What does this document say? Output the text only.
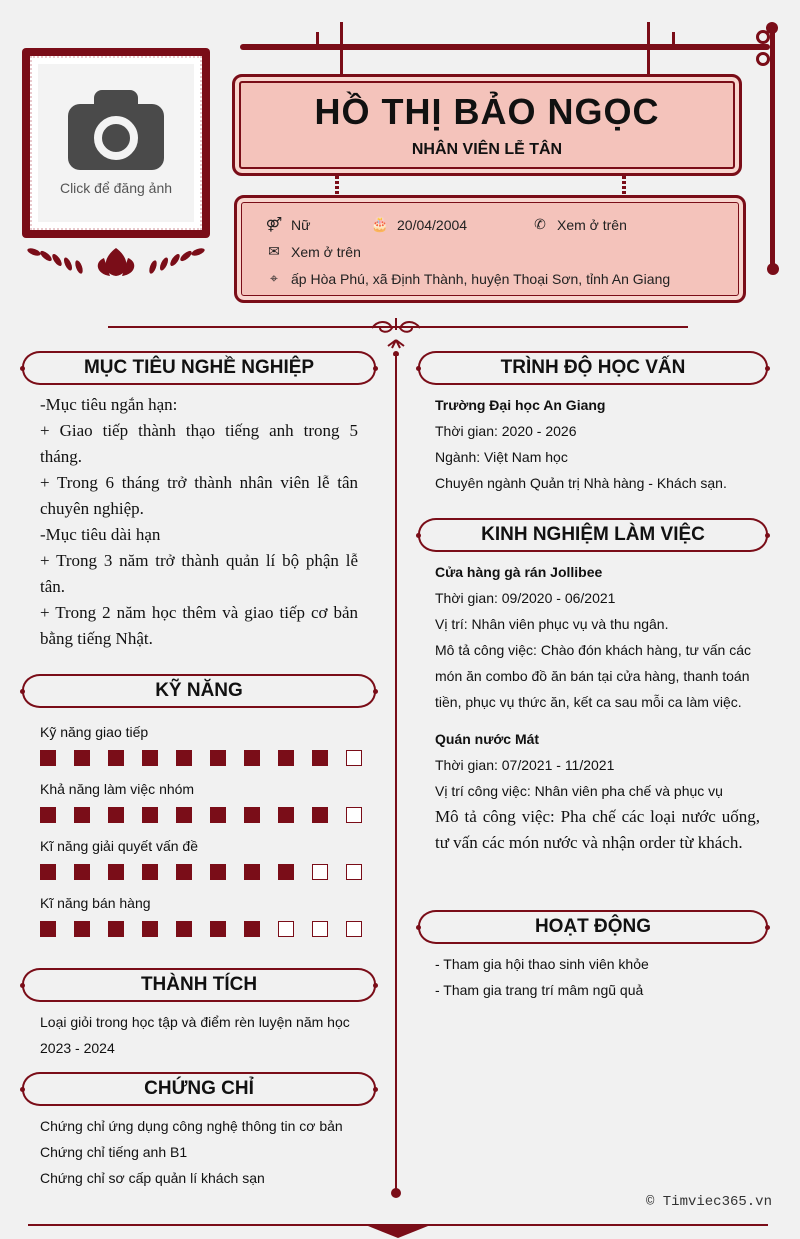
Click để đăng ảnh
HỒ THỊ BẢO NGỌC
NHÂN VIÊN LỄ TÂN
⚤ Nữ	🎂 20/04/2004	✆ Xem ở trên
✉ Xem ở trên
⌖ ấp Hòa Phú, xã Định Thành, huyện Thoại Sơn, tỉnh An Giang
MỤC TIÊU NGHỀ NGHIỆP
-Mục tiêu ngắn hạn:
+ Giao tiếp thành thạo tiếng anh trong 5 tháng.
+ Trong 6 tháng trở thành nhân viên lễ tân chuyên nghiệp.
-Mục tiêu dài hạn
+ Trong 3 năm trở thành quản lí bộ phận lễ tân.
+ Trong 2 năm học thêm và giao tiếp cơ bản bằng tiếng Nhật.
KỸ NĂNG
Kỹ năng giao tiếp
Khả năng làm việc nhóm
Kĩ năng giải quyết vấn đề
Kĩ năng bán hàng
THÀNH TÍCH
Loại giỏi trong học tập và điểm rèn luyện năm học
2023 - 2024
CHỨNG CHỈ
Chứng chỉ ứng dụng công nghệ thông tin cơ bản
Chứng chỉ tiếng anh B1
Chứng chỉ sơ cấp quản lí khách sạn
TRÌNH ĐỘ HỌC VẤN
Trường Đại học An Giang
Thời gian: 2020 - 2026
Ngành: Việt Nam học
Chuyên ngành Quản trị Nhà hàng - Khách sạn.
KINH NGHIỆM LÀM VIỆC
Cửa hàng gà rán Jollibee
Thời gian: 09/2020 - 06/2021
Vị trí: Nhân viên phục vụ và thu ngân.
Mô tả công việc: Chào đón khách hàng, tư vấn các
món ăn combo đồ ăn bán tại cửa hàng, thanh toán
tiền, phục vụ thức ăn, kết ca sau mỗi ca làm việc.
Quán nước Mát
Thời gian: 07/2021 - 11/2021
Vị trí công việc: Nhân viên pha chế và phục vụ
Mô tả công việc: Pha chế các loại nước uống, tư vấn các món nước và nhận order từ khách.
HOẠT ĐỘNG
- Tham gia hội thao sinh viên khỏe
- Tham gia trang trí mâm ngũ quả
© Timviec365.vn
